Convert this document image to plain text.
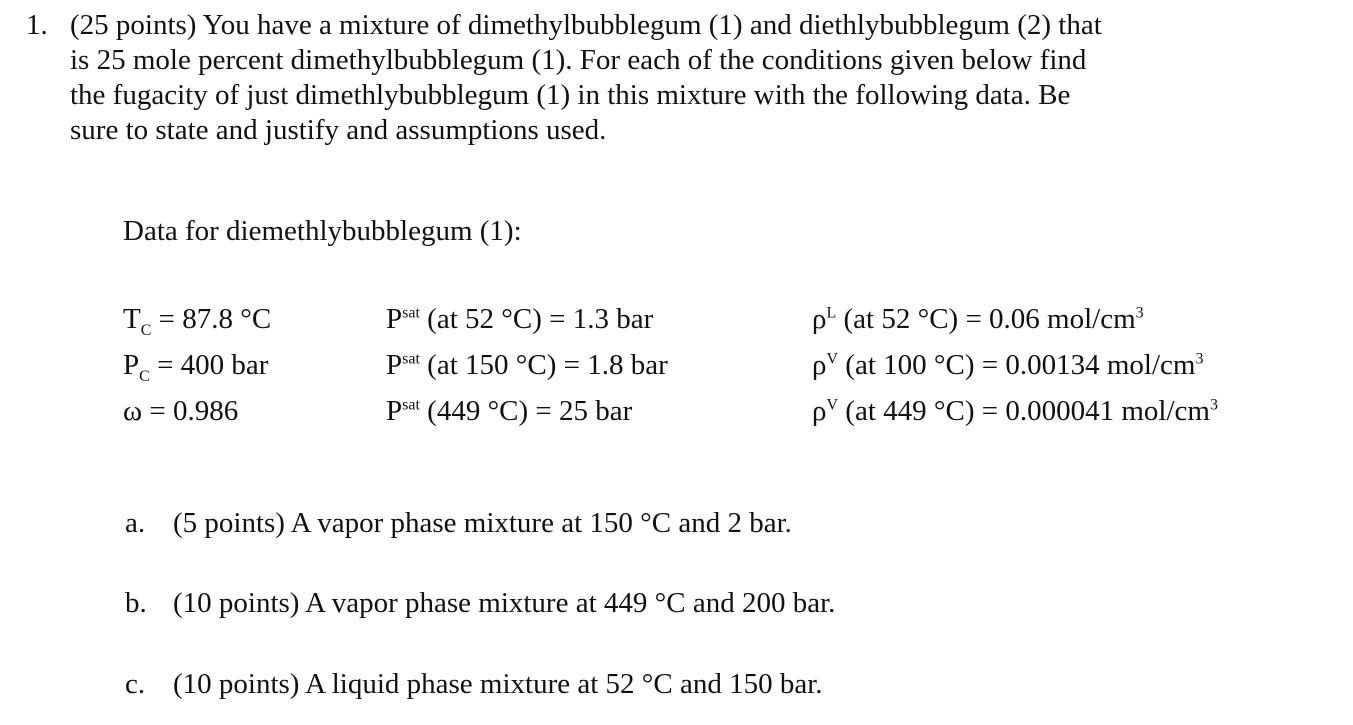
1. (25 points) You have a mixture of dimethylbubblegum (1) and diethlybubblegum (2) that
is 25 mole percent dimethylbubblegum (1). For each of the conditions given below find
the fugacity of just dimethlybubblegum (1) in this mixture with the following data. Be
sure to state and justify and assumptions used.
Data for diemethlybubblegum (1):
$T_C = 87.8$ °C
$P_C = 400$ bar
ω = 0.986
$P^{sat}$ (at 52 °C) = 1.3 bar
$P^{sat}$ (at 150 °C) = 1.8 bar
$P^{sat}$ (449 °C) = 25 bar
$\rho^L$ (at 52 °C) = 0.06 mol/$cm^3$
$\rho^V$ (at 100 °C) = 0.00134 mol/$cm^3$
$\rho^V$ (at 449 °C) = 0.000041 mol/$cm^3$
a. (5 points) A vapor phase mixture at 150 °C and 2 bar.
b. (10 points) A vapor phase mixture at 449 °C and 200 bar.
c. (10 points) A liquid phase mixture at 52 °C and 150 bar.
